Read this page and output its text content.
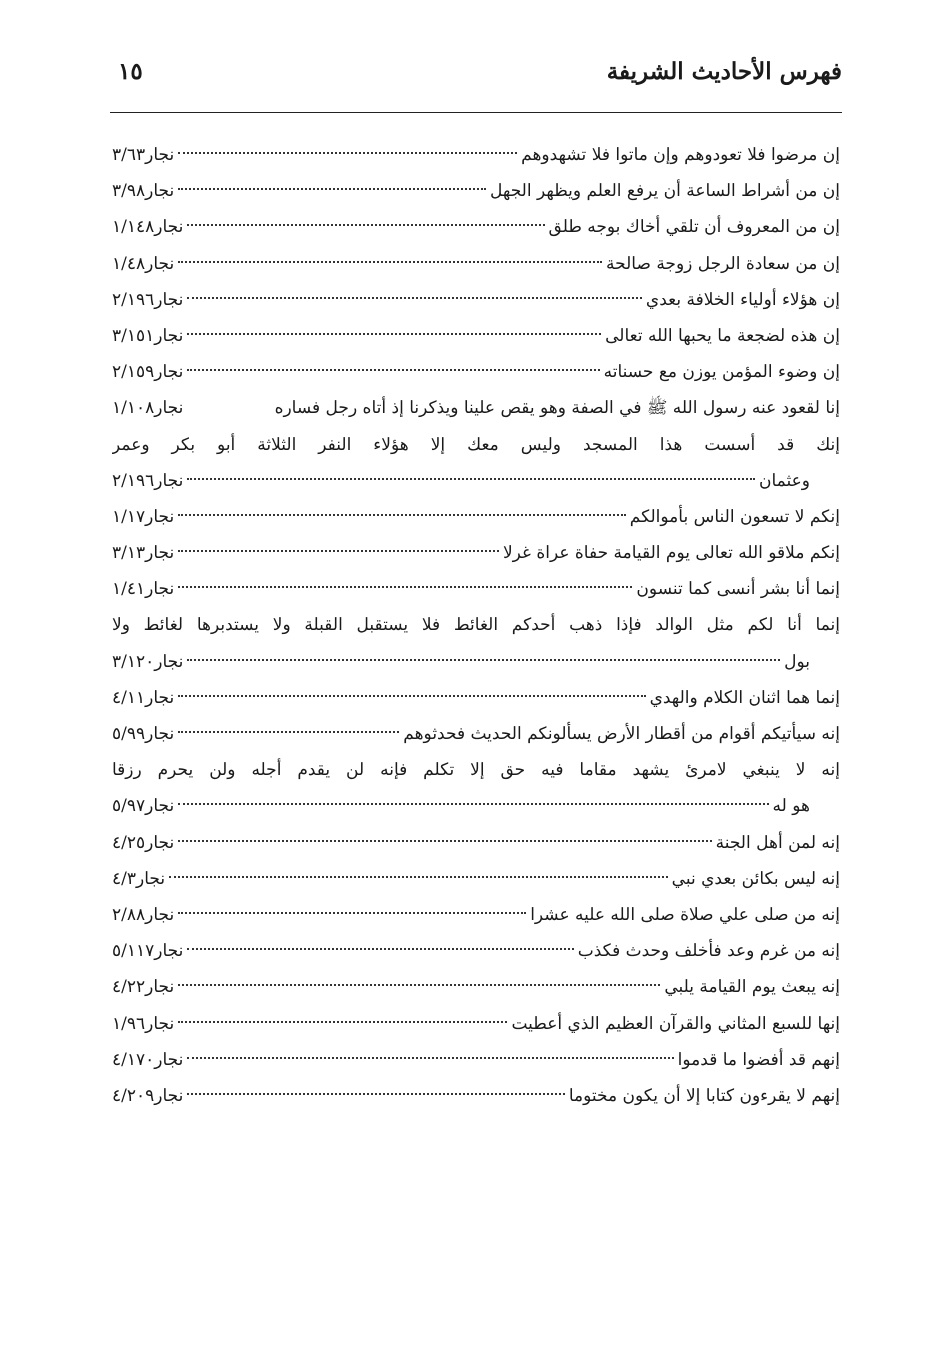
فهرس الأحاديث الشريفة
١٥
إن مرضوا فلا تعودوهم وإن ماتوا فلا تشهدوهم
نجار٣/٦٣
إن من أشراط الساعة أن يرفع العلم ويظهر الجهل
نجار٣/٩٨
إن من المعروف أن تلقي أخاك بوجه طلق
نجار١/١٤٨
إن من سعادة الرجل زوجة صالحة
نجار١/٤٨
إن هؤلاء أولياء الخلافة بعدي
نجار٢/١٩٦
إن هذه لضجعة ما يحبها الله تعالى
نجار٣/١٥١
إن وضوء المؤمن يوزن مع حسناته
نجار٢/١٥٩
إنا لقعود عنه رسول الله ﷺ في الصفة وهو يقص علينا ويذكرنا إذ أتاه رجل فساره
نجار١/١٠٨
إنك قد أسست هذا المسجد وليس معك إلا هؤلاء النفر الثلاثة أبو بكر وعمر
وعثمان
نجار٢/١٩٦
إنكم لا تسعون الناس بأموالكم
نجار١/١٧
إنكم ملاقو الله تعالى يوم القيامة حفاة عراة غرلا
نجار٣/١٣
إنما أنا بشر أنسى كما تنسون
نجار١/٤١
إنما أنا لكم مثل الوالد فإذا ذهب أحدكم الغائط فلا يستقبل القبلة ولا يستدبرها لغائط ولا
بول
نجار٣/١٢٠
إنما هما اثنان الكلام والهدي
نجار٤/١١
إنه سيأتيكم أقوام من أقطار الأرض يسألونكم الحديث فحدثوهم
نجار٥/٩٩
إنه لا ينبغي لامرئ يشهد مقاما فيه حق إلا تكلم فإنه لن يقدم أجله ولن يحرم رزقا
هو له
نجار٥/٩٧
إنه لمن أهل الجنة
نجار٤/٢٥
إنه ليس بكائن بعدي نبي
نجار٤/٣
إنه من صلى علي صلاة صلى الله عليه عشرا
نجار٢/٨٨
إنه من غرم وعد فأخلف وحدث فكذب
نجار٥/١١٧
إنه يبعث يوم القيامة يلبي
نجار٤/٢٢
إنها للسبع المثاني والقرآن العظيم الذي أعطيت
نجار١/٩٦
إنهم قد أفضوا ما قدموا
نجار٤/١٧٠
إنهم لا يقرءون كتابا إلا أن يكون مختوما
نجار٤/٢٠٩
